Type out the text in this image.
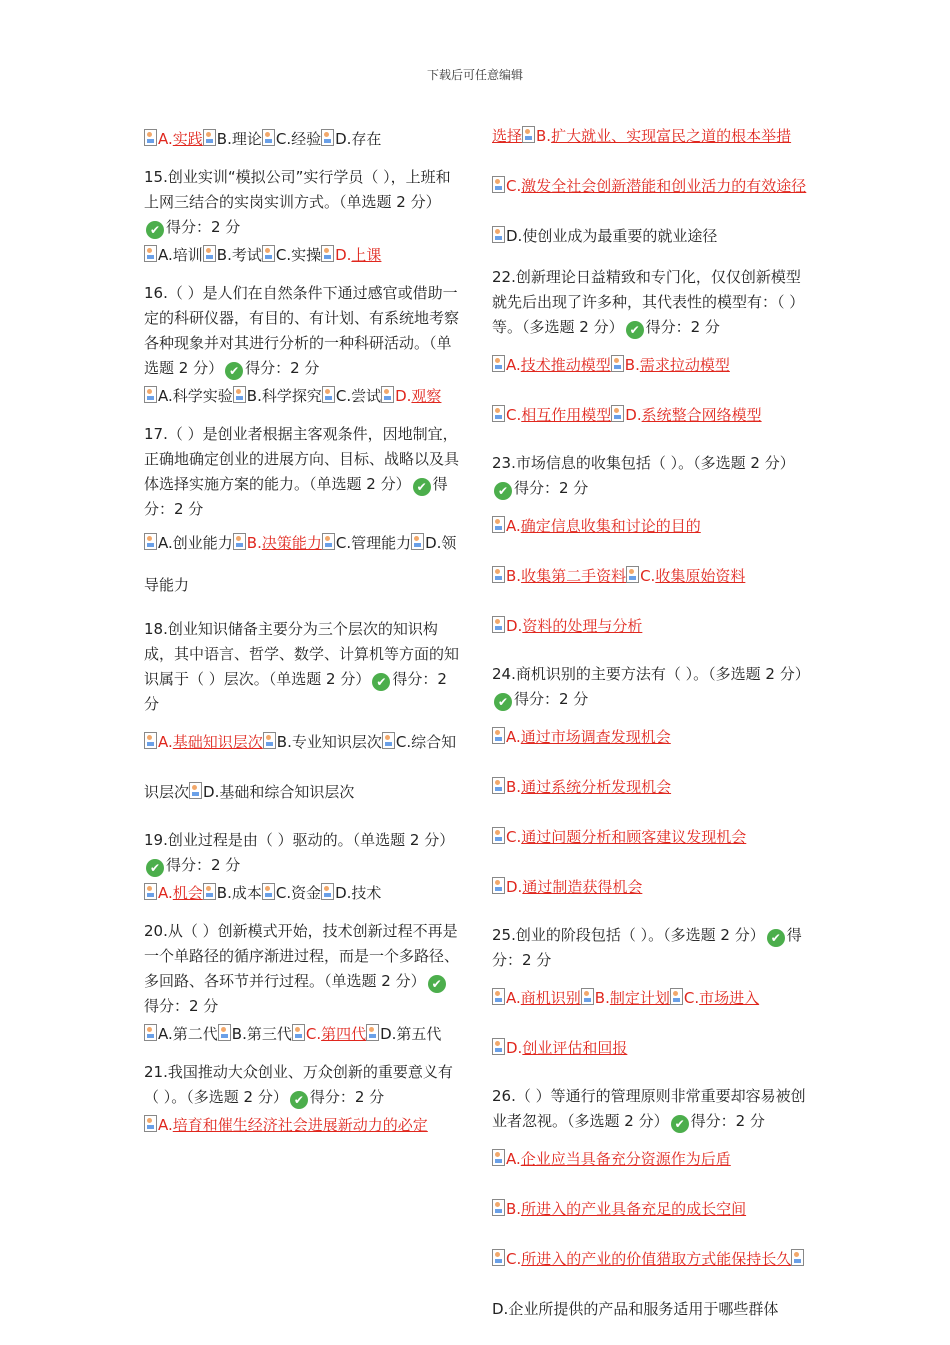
下载后可任意编辑
A.实践 B.理论 C.经验 D.存在
15.创业实训“模拟公司”实行学员（ ），上班和上网三结合的实岗实训方式。（单选题 2 分）✔ 得分：2 分
A.培训 B.考试 C.实操 D.上课
16.（ ）是人们在自然条件下通过感官或借助一定的科研仪器，有目的、有计划、有系统地考察各种现象并对其进行分析的一种科研活动。（单选题 2 分） ✔ 得分：2 分
A.科学实验 B.科学探究 C.尝试 D.观察
17.（ ）是创业者根据主客观条件，因地制宜，正确地确定创业的进展方向、目标、战略以及具体选择实施方案的能力。（单选题 2 分） ✔ 得分：2 分
A.创业能力 B.决策能力 C.管理能力 D.领导能力
18.创业知识储备主要分为三个层次的知识构成，其中语言、哲学、数学、计算机等方面的知识属于（ ）层次。（单选题 2 分） ✔ 得分：2 分
A.基础知识层次 B.专业知识层次 C.综合知识层次 D.基础和综合知识层次
19.创业过程是由（ ）驱动的。（单选题 2 分）✔ 得分：2 分
A.机会 B.成本 C.资金 D.技术
20.从（ ）创新模式开始，技术创新过程不再是一个单路径的循序渐进过程，而是一个多路径、多回路、各环节并行过程。（单选题 2 分） ✔得分：2 分
A.第二代 B.第三代 C.第四代 D.第五代
21.我国推动大众创业、万众创新的重要意义有（ ）。（多选题 2 分） ✔ 得分：2 分
A.培育和催生经济社会进展新动力的必定
选择 B.扩大就业、实现富民之道的根本举措 C.激发全社会创新潜能和创业活力的有效途径 D.使创业成为最重要的就业途径
22.创新理论日益精致和专门化，仅仅创新模型就先后出现了许多种，其代表性的模型有：（ ）等。（多选题 2 分） ✔ 得分：2 分
A.技术推动模型 B.需求拉动模型C.相互作用模型 D.系统整合网络模型
23.市场信息的收集包括（ ）。（多选题 2 分）✔ 得分：2 分
A.确定信息收集和讨论的目的B.收集第二手资料 C.收集原始资料D.资料的处理与分析
24.商机识别的主要方法有（ ）。（多选题 2 分）✔ 得分：2 分
A.通过市场调查发现机会B.通过系统分析发现机会C.通过问题分析和顾客建议发现机会D.通过制造获得机会
25.创业的阶段包括（ ）。（多选题 2 分） ✔ 得分：2 分
A.商机识别 B.制定计划 C.市场进入D.创业评估和回报
26.（ ）等通行的管理原则非常重要却容易被创业者忽视。（多选题 2 分） ✔ 得分：2 分
A.企业应当具备充分资源作为后盾B.所进入的产业具备充足的成长空间C.所进入的产业的价值猎取方式能保持长久D.企业所提供的产品和服务适用于哪些群体
